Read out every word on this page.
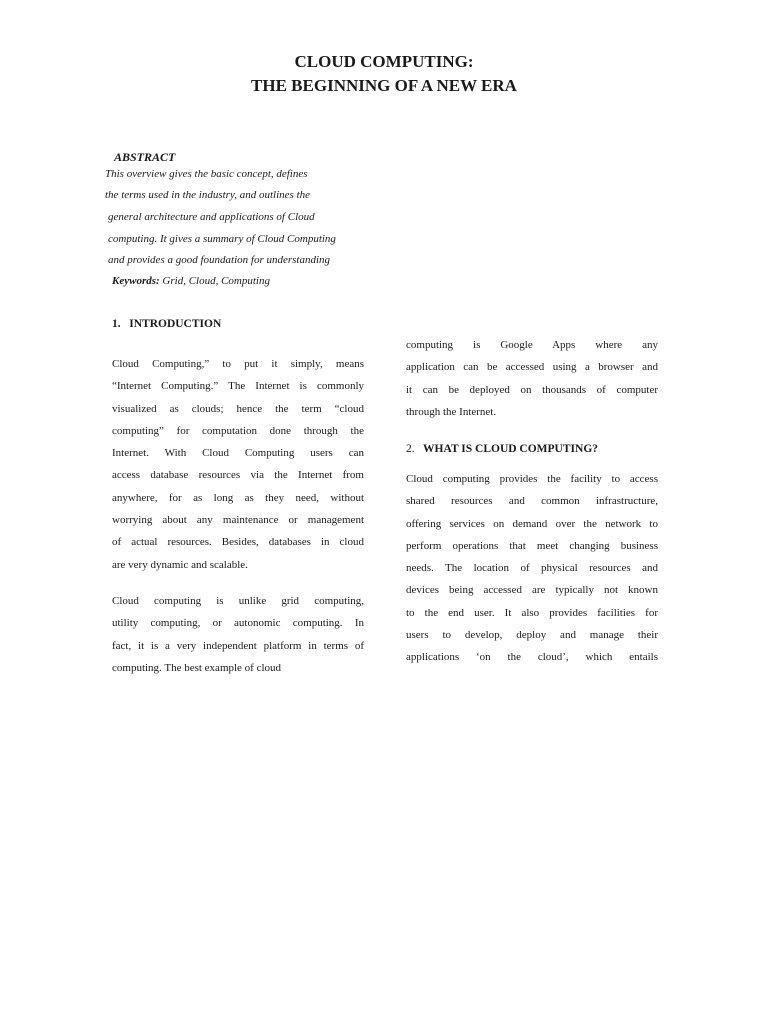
CLOUD COMPUTING:
THE BEGINNING OF A NEW ERA
ABSTRACT
This overview gives the basic concept, defines
the terms used in the industry, and outlines the
general architecture and applications of Cloud
computing. It gives a summary of Cloud Computing
and provides a good foundation for understanding
Keywords: Grid, Cloud, Computing
1. INTRODUCTION
Cloud Computing,” to put it simply, means
“Internet Computing.” The Internet is commonly
visualized as clouds; hence the term “cloud
computing” for computation done through the
Internet. With Cloud Computing users can
access database resources via the Internet from
anywhere, for as long as they need, without
worrying about any maintenance or management
of actual resources. Besides, databases in cloud
are very dynamic and scalable.
Cloud computing is unlike grid computing,
utility computing, or autonomic computing. In
fact, it is a very independent platform in terms of
computing. The best example of cloud
computing is Google Apps where any
application can be accessed using a browser and
it can be deployed on thousands of computer
through the Internet.
2. WHAT IS CLOUD COMPUTING?
Cloud computing provides the facility to access
shared resources and common infrastructure,
offering services on demand over the network to
perform operations that meet changing business
needs. The location of physical resources and
devices being accessed are typically not known
to the end user. It also provides facilities for
users to develop, deploy and manage their
applications ‘on the cloud’, which entails
